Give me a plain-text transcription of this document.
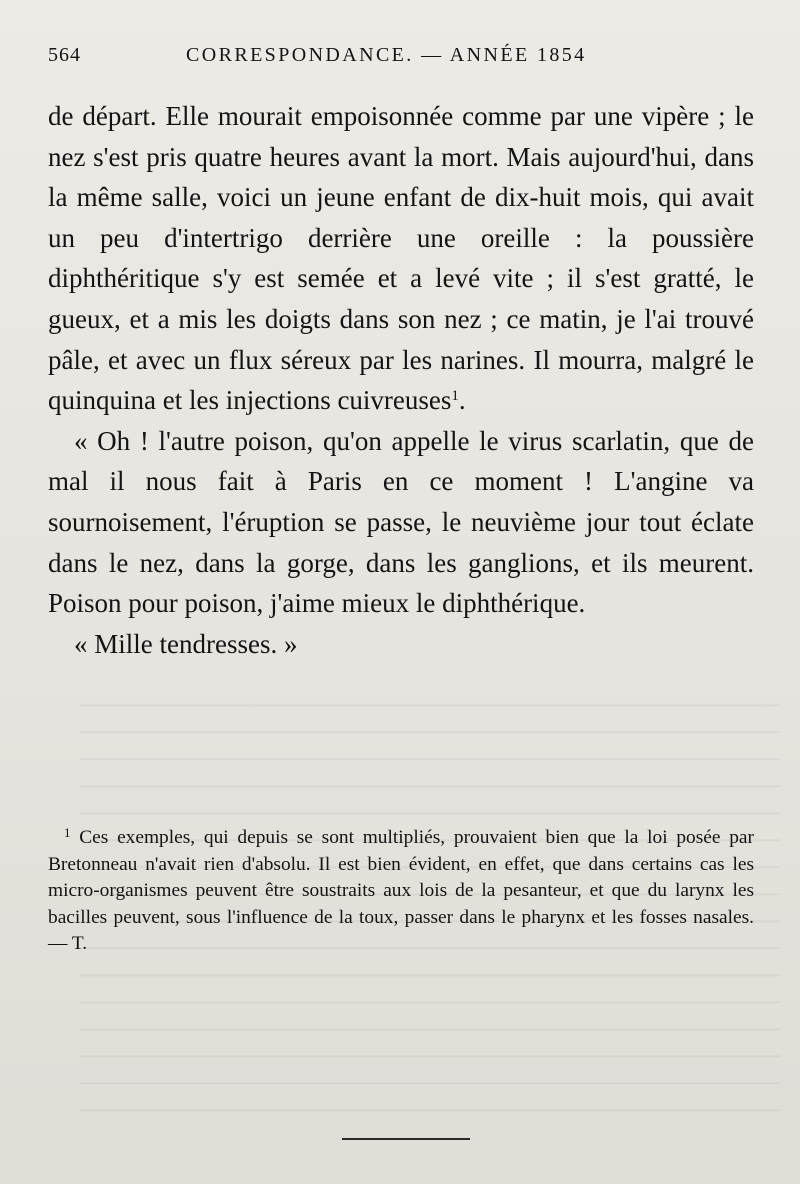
564	CORRESPONDANCE. — ANNÉE 1854

de départ. Elle mourait empoisonnée comme par une vipère ; le nez s'est pris quatre heures avant la mort. Mais aujourd'hui, dans la même salle, voici un jeune enfant de dix-huit mois, qui avait un peu d'intertrigo derrière une oreille : la poussière diphthéritique s'y est semée et a levé vite ; il s'est gratté, le gueux, et a mis les doigts dans son nez ; ce matin, je l'ai trouvé pâle, et avec un flux séreux par les narines. Il mourra, malgré le quinquina et les injections cuivreuses$^1$.

« Oh ! l'autre poison, qu'on appelle le virus scarlatin, que de mal il nous fait à Paris en ce moment ! L'angine va sournoisement, l'éruption se passe, le neuvième jour tout éclate dans le nez, dans la gorge, dans les ganglions, et ils meurent. Poison pour poison, j'aime mieux le diphthérique.

« Mille tendresses. »

$^1$ Ces exemples, qui depuis se sont multipliés, prouvaient bien que la loi posée par Bretonneau n'avait rien d'absolu. Il est bien évident, en effet, que dans certains cas les micro-organismes peuvent être soustraits aux lois de la pesanteur, et que du larynx les bacilles peuvent, sous l'influence de la toux, passer dans le pharynx et les fosses nasales. — T.
